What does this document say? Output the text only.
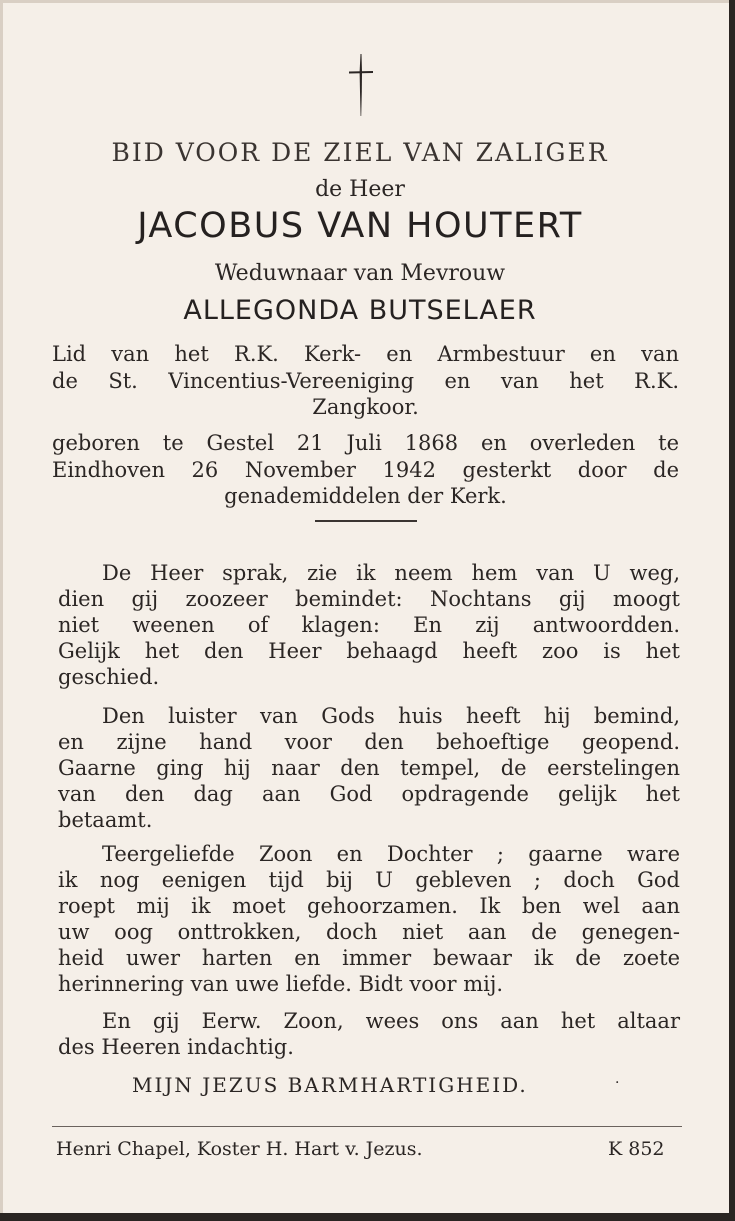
BID VOOR DE ZIEL VAN ZALIGER
de Heer
JACOBUS VAN HOUTERT
Weduwnaar van Mevrouw
ALLEGONDA BUTSELAER
Lid van het R.K. Kerk- en Armbestuur en van
de St. Vincentius-Vereeniging en van het R.K.
Zangkoor.
geboren te Gestel 21 Juli 1868 en overleden te
Eindhoven 26 November 1942 gesterkt door de
genademiddelen der Kerk.
De Heer sprak, zie ik neem hem van U weg,
dien gij zoozeer bemindet: Nochtans gij moogt
niet weenen of klagen: En zij antwoordden.
Gelijk het den Heer behaagd heeft zoo is het
geschied.
Den luister van Gods huis heeft hij bemind,
en zijne hand voor den behoeftige geopend.
Gaarne ging hij naar den tempel, de eerstelingen
van den dag aan God opdragende gelijk het
betaamt.
Teergeliefde Zoon en Dochter ; gaarne ware
ik nog eenigen tijd bij U gebleven ; doch God
roept mij ik moet gehoorzamen. Ik ben wel aan
uw oog onttrokken, doch niet aan de genegen-
heid uwer harten en immer bewaar ik de zoete
herinnering van uwe liefde. Bidt voor mij.
En gij Eerw. Zoon, wees ons aan het altaar
des Heeren indachtig.
MIJN JEZUS BARMHARTIGHEID.	·
Henri Chapel, Koster H. Hart v. Jezus.	K 852
